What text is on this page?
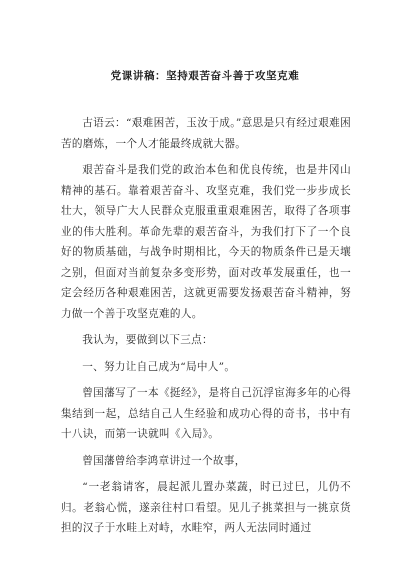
党课讲稿：坚持艰苦奋斗善于攻坚克难

古语云：“艰难困苦，玉汝于成。”意思是只有经过艰难困苦的磨炼，一个人才能最终成就大器。

艰苦奋斗是我们党的政治本色和优良传统，也是井冈山精神的基石。靠着艰苦奋斗、攻坚克难，我们党一步步成长壮大，领导广大人民群众克服重重艰难困苦，取得了各项事业的伟大胜利。革命先辈的艰苦奋斗，为我们打下了一个良好的物质基础，与战争时期相比，今天的物质条件已是天壤之别，但面对当前复杂多变形势，面对改革发展重任，也一定会经历各种艰难困苦，这就更需要发扬艰苦奋斗精神，努力做一个善于攻坚克难的人。

我认为，要做到以下三点：

一、努力让自己成为“局中人”。

曾国藩写了一本《挺经》，是将自己沉浮宦海多年的心得集结到一起，总结自己人生经验和成功心得的奇书，书中有十八诀，而第一诀就叫《入局》。

曾国藩曾给李鸿章讲过一个故事，

“一老翁请客，晨起派儿置办菜蔬，时已过巳，儿仍不归。老翁心慌，遂亲往村口看望。见儿子挑菜担与一挑京货担的汉子于水畦上对峙，水畦窄，两人无法同时通过
